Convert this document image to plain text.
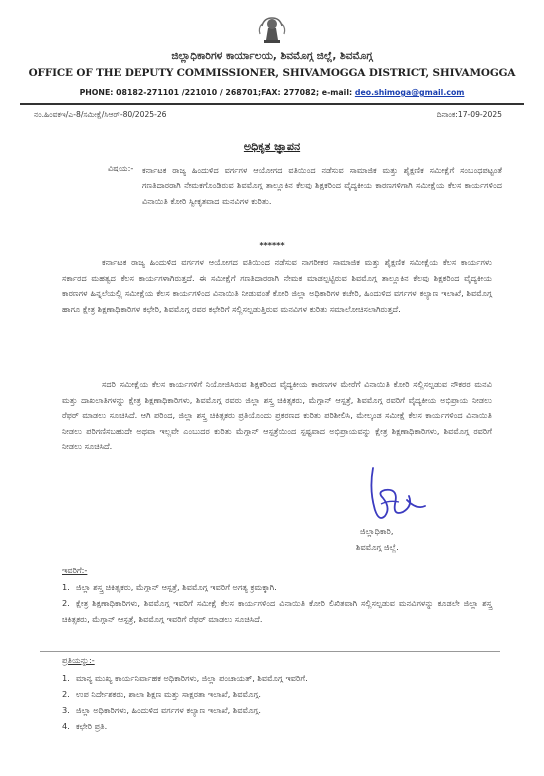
ಜಿಲ್ಲಾಧಿಕಾರಿಗಳ ಕಾರ್ಯಾಲಯ, ಶಿವಮೊಗ್ಗ ಜಿಲ್ಲೆ, ಶಿವಮೊಗ್ಗ
OFFICE OF THE DEPUTY COMMISSIONER, SHIVAMOGGA DISTRICT, SHIVAMOGGA
PHONE: 08182-271101 /221010 / 268701;FAX: 277082; e-mail: deo.shimoga@gmail.com
ನಂ.ಹಿಂವಕಇ/ಎ-8/ಸಮೀಕ್ಷೆ/ಸಿಆರ್-80/2025-26	ದಿನಾಂಕ:17-09-2025
ಅಧಿಕೃತ ಜ್ಞಾಪನ
ವಿಷಯ:- ಕರ್ನಾಟಕ ರಾಜ್ಯ ಹಿಂದುಳಿದ ವರ್ಗಗಳ ಆಯೋಗದ ವತಿಯಿಂದ ನಡೆಸುವ ಸಾಮಾಜಿಕ ಮತ್ತು ಶೈಕ್ಷಣಿಕ ಸಮೀಕ್ಷೆಗೆ ಸಂಬಂಧಪಟ್ಟಂತೆ ಗಣತಿದಾರರಾಗಿ ನೇಮಕಗೊಂಡಿರುವ ಶಿವಮೊಗ್ಗ ತಾಲ್ಲೂಕಿನ ಕೆಲವು ಶಿಕ್ಷಕರಿಂದ ವೈದ್ಯಕೀಯ ಕಾರಣಗಳಿಗಾಗಿ ಸಮೀಕ್ಷೆಯ ಕೆಲಸ ಕಾರ್ಯಗಳಿಂದ ವಿನಾಯಿತಿ ಕೋರಿ ಸ್ವೀಕೃತವಾದ ಮನವಿಗಳ ಕುರಿತು.
******
ಕರ್ನಾಟಕ ರಾಜ್ಯ ಹಿಂದುಳಿದ ವರ್ಗಗಳ ಆಯೋಗದ ವತಿಯಿಂದ ನಡೆಸುವ ನಾಗರೀಕರ ಸಾಮಾಜಿಕ ಮತ್ತು ಶೈಕ್ಷಣಿಕ ಸಮೀಕ್ಷೆಯ ಕೆಲಸ ಕಾರ್ಯಗಳು ಸರ್ಕಾರದ ಮಹತ್ವದ ಕೆಲಸ ಕಾರ್ಯಗಳಾಗಿರುತ್ತದೆ. ಈ ಸಮೀಕ್ಷೆಗೆ ಗಣತಿದಾರರಾಗಿ ನೇಮಕ ಮಾಡಲ್ಪಟ್ಟಿರುವ ಶಿವಮೊಗ್ಗ ತಾಲ್ಲೂಕಿನ ಕೆಲವು ಶಿಕ್ಷಕರಿಂದ ವೈದ್ಯಕೀಯ ಕಾರಣಗಳ ಹಿನ್ನಲೆಯಲ್ಲಿ ಸಮೀಕ್ಷೆಯ ಕೆಲಸ ಕಾರ್ಯಗಳಿಂದ ವಿನಾಯಿತಿ ನೀಡುವಂತೆ ಕೋರಿ ಜಿಲ್ಲಾ ಅಧಿಕಾರಿಗಳ ಕಚೇರಿ, ಹಿಂದುಳಿದ ವರ್ಗಗಳ ಕಲ್ಯಾಣ ಇಲಾಖೆ, ಶಿವಮೊಗ್ಗ ಹಾಗೂ ಕ್ಷೇತ್ರ ಶಿಕ್ಷಣಾಧಿಕಾರಿಗಳ ಕಛೇರಿ, ಶಿವಮೊಗ್ಗ ರವರ ಕಛೇರಿಗೆ ಸಲ್ಲಿಸಲ್ಪಡುತ್ತಿರುವ ಮನವಿಗಳ ಕುರಿತು ಸಮಾಲೋಚಿಸಲಾಗಿರುತ್ತದೆ.
ಸದರಿ ಸಮೀಕ್ಷೆಯ ಕೆಲಸ ಕಾರ್ಯಗಳಿಗೆ ನಿಯೋಜಿಸಿರುವ ಶಿಕ್ಷಕರಿಂದ ವೈದ್ಯಕೀಯ ಕಾರಣಗಳ ಮೇರೆಗೆ ವಿನಾಯಿತಿ ಕೋರಿ ಸಲ್ಲಿಸಲ್ಪಡುವ ನೌಕರರ ಮನವಿ ಮತ್ತು ದಾಖಲಾತಿಗಳನ್ನು ಕ್ಷೇತ್ರ ಶಿಕ್ಷಣಾಧಿಕಾರಿಗಳು, ಶಿವಮೊಗ್ಗ ರವರು ಜಿಲ್ಲಾ ಶಸ್ತ್ರ ಚಿಕಿತ್ಸಕರು, ಮೆಗ್ಗಾನ್ ಆಸ್ಪತ್ರೆ, ಶಿವಮೊಗ್ಗ ರವರಿಗೆ ವೈದ್ಯಕೀಯ ಅಭಿಪ್ರಾಯ ನೀಡಲು ರೆಫರ್ ಮಾಡಲು ಸೂಚಿಸಿದೆ. ಆಗಿ ಪರಿಂದ, ಜಿಲ್ಲಾ ಶಸ್ತ್ರ ಚಿಕಿತ್ಸಕರು ಪ್ರತಿಯೊಂದು ಪ್ರಕರಣದ ಕುರಿತು ಪರಿಶೀಲಿಸಿ, ಮೇಲ್ಕಂಡ ಸಮೀಕ್ಷೆ ಕೆಲಸ ಕಾರ್ಯಗಳಿಂದ ವಿನಾಯಿತಿ ನೀಡಲು ಪರಿಗಣಿಸಬಹುದೇ ಅಥವಾ ಇಲ್ಲವೇ ಎಂಬುದರ ಕುರಿತು ಮೆಗ್ಗಾನ್ ಆಸ್ಪತ್ರೆಯಿಂದ ಸ್ಪಷ್ಟವಾದ ಅಭಿಪ್ರಾಯವನ್ನು ಕ್ಷೇತ್ರ ಶಿಕ್ಷಣಾಧಿಕಾರಿಗಳು, ಶಿವಮೊಗ್ಗ ರವರಿಗೆ ನೀಡಲು ಸೂಚಿಸಿದೆ.
ಜಿಲ್ಲಾಧಿಕಾರಿ,
ಶಿವಮೊಗ್ಗ ಜಿಲ್ಲೆ.
ಇವರಿಗೆ:-
1. ಜಿಲ್ಲಾ ಶಸ್ತ್ರ ಚಿಕಿತ್ಸಕರು, ಮೆಗ್ಗಾನ್ ಆಸ್ಪತ್ರೆ, ಶಿವಮೊಗ್ಗ ಇವರಿಗೆ ಅಗತ್ಯ ಕ್ರಮಕ್ಕಾಗಿ.
2. ಕ್ಷೇತ್ರ ಶಿಕ್ಷಣಾಧಿಕಾರಿಗಳು, ಶಿವಮೊಗ್ಗ ಇವರಿಗೆ ಸಮೀಕ್ಷೆ ಕೆಲಸ ಕಾರ್ಯಗಳಿಂದ ವಿನಾಯಿತಿ ಕೋರಿ ಲಿಖಿತವಾಗಿ ಸಲ್ಲಿಸಲ್ಪಡುವ ಮನವಿಗಳನ್ನು ಕೂಡಲೇ ಜಿಲ್ಲಾ ಶಸ್ತ್ರ ಚಿಕಿತ್ಸಕರು, ಮೆಗ್ಗಾನ್ ಆಸ್ಪತ್ರೆ, ಶಿವಮೊಗ್ಗ ಇವರಿಗೆ ರೆಫರ್ ಮಾಡಲು ಸೂಚಿಸಿದೆ.
ಪ್ರತಿಯನ್ನು:-
1. ಮಾನ್ಯ ಮುಖ್ಯ ಕಾರ್ಯನಿರ್ವಾಹಕ ಅಧಿಕಾರಿಗಳು, ಜಿಲ್ಲಾ ಪಂಚಾಯತ್, ಶಿವಮೊಗ್ಗ ಇವರಿಗೆ.
2. ಉಪ ನಿರ್ದೇಶಕರು, ಶಾಲಾ ಶಿಕ್ಷಣ ಮತ್ತು ಸಾಕ್ಷರತಾ ಇಲಾಖೆ, ಶಿವಮೊಗ್ಗ.
3. ಜಿಲ್ಲಾ ಅಧಿಕಾರಿಗಳು, ಹಿಂದುಳಿದ ವರ್ಗಗಳ ಕಲ್ಯಾಣ ಇಲಾಖೆ, ಶಿವಮೊಗ್ಗ.
4. ಕಛೇರಿ ಪ್ರತಿ.
